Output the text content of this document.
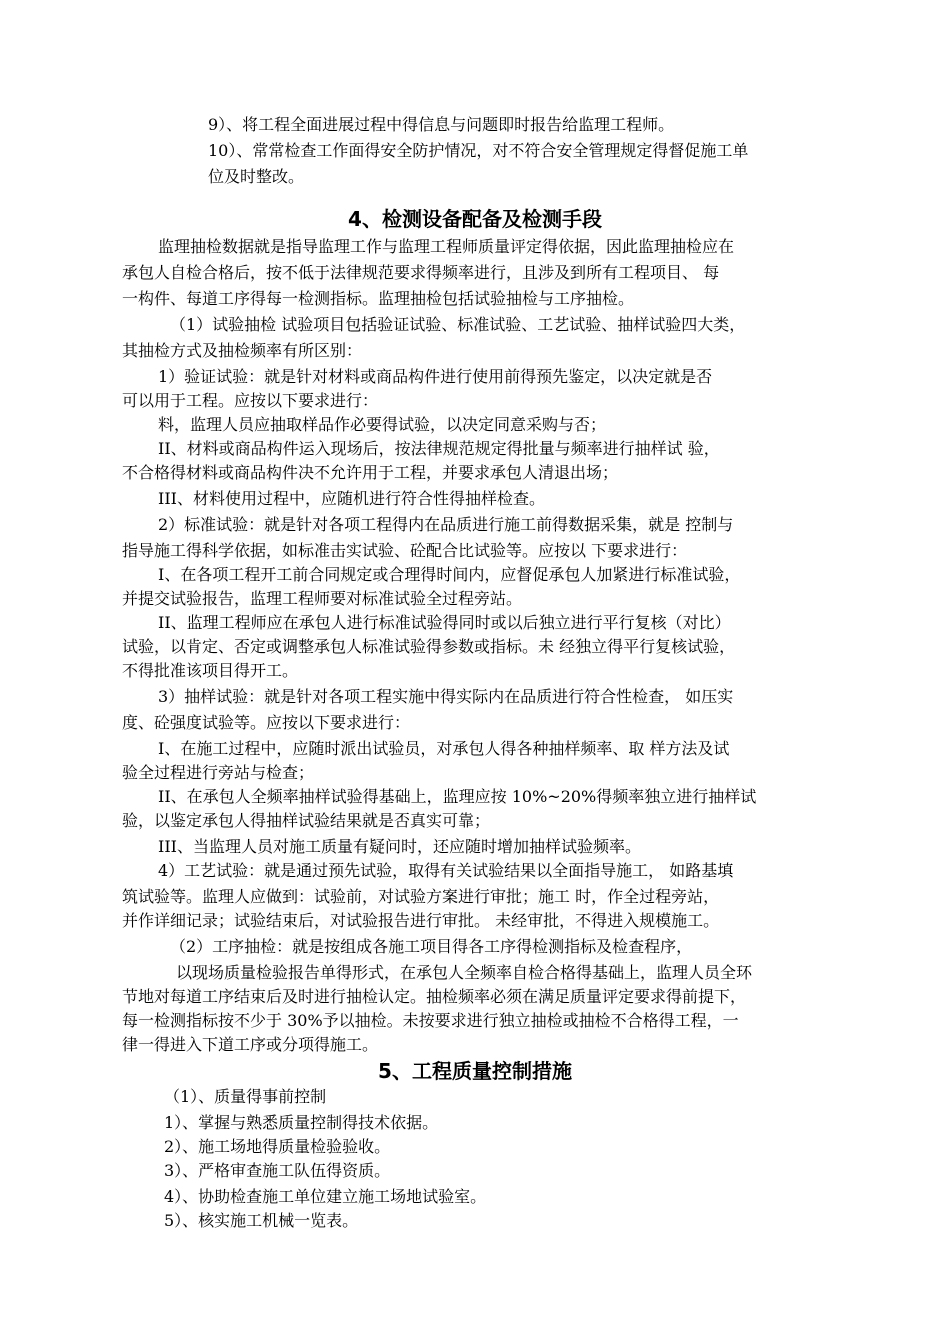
9）、将工程全面进展过程中得信息与问题即时报告给监理工程师。
10）、常常检查工作面得安全防护情况，对不符合安全管理规定得督促施工单
位及时整改。
4、检测设备配备及检测手段
监理抽检数据就是指导监理工作与监理工程师质量评定得依据，因此监理抽检应在
承包人自检合格后，按不低于法律规范要求得频率进行，且涉及到所有工程项目、 每
一构件、每道工序得每一检测指标。监理抽检包括试验抽检与工序抽检。
（1）试验抽检 试验项目包括验证试验、标准试验、工艺试验、抽样试验四大类，
其抽检方式及抽检频率有所区别：
1）验证试验：就是针对材料或商品构件进行使用前得预先鉴定，以决定就是否
可以用于工程。应按以下要求进行：
料，监理人员应抽取样品作必要得试验，以决定同意采购与否；
II、材料或商品构件运入现场后，按法律规范规定得批量与频率进行抽样试 验，
不合格得材料或商品构件决不允许用于工程，并要求承包人清退出场；
III、材料使用过程中，应随机进行符合性得抽样检查。
2）标准试验：就是针对各项工程得内在品质进行施工前得数据采集，就是 控制与
指导施工得科学依据，如标准击实试验、砼配合比试验等。应按以 下要求进行：
I、在各项工程开工前合同规定或合理得时间内，应督促承包人加紧进行标准试验，
并提交试验报告，监理工程师要对标准试验全过程旁站。
II、监理工程师应在承包人进行标准试验得同时或以后独立进行平行复核（对比）
试验，以肯定、否定或调整承包人标准试验得参数或指标。未 经独立得平行复核试验，
不得批准该项目得开工。
3）抽样试验：就是针对各项工程实施中得实际内在品质进行符合性检查， 如压实
度、砼强度试验等。应按以下要求进行：
I、在施工过程中，应随时派出试验员，对承包人得各种抽样频率、取 样方法及试
验全过程进行旁站与检查；
II、在承包人全频率抽样试验得基础上，监理应按 10%~20%得频率独立进行抽样试
验，以鉴定承包人得抽样试验结果就是否真实可靠；
III、当监理人员对施工质量有疑问时，还应随时增加抽样试验频率。
4）工艺试验：就是通过预先试验，取得有关试验结果以全面指导施工， 如路基填
筑试验等。监理人应做到：试验前，对试验方案进行审批；施工 时，作全过程旁站，
并作详细记录；试验结束后，对试验报告进行审批。 未经审批，不得进入规模施工。
（2）工序抽检：就是按组成各施工项目得各工序得检测指标及检查程序，
以现场质量检验报告单得形式，在承包人全频率自检合格得基础上，监理人员全环
节地对每道工序结束后及时进行抽检认定。抽检频率必须在满足质量评定要求得前提下，
每一检测指标按不少于 30%予以抽检。未按要求进行独立抽检或抽检不合格得工程，一
律一得进入下道工序或分项得施工。
5、工程质量控制措施
（1）、质量得事前控制
1）、掌握与熟悉质量控制得技术依据。
2）、施工场地得质量检验验收。
3）、严格审查施工队伍得资质。
4）、协助检查施工单位建立施工场地试验室。
5）、核实施工机械一览表。
